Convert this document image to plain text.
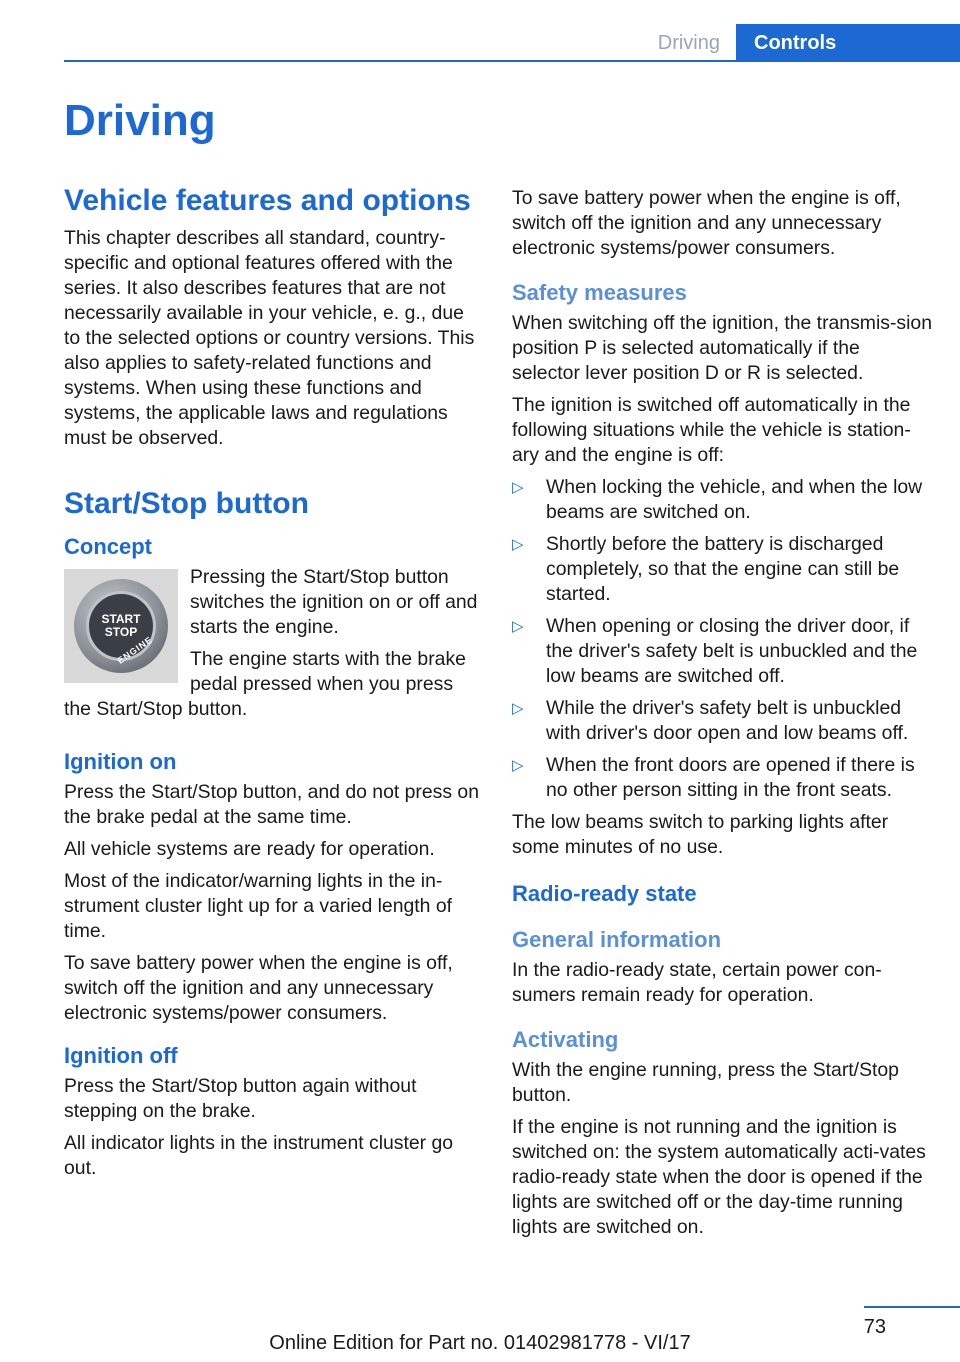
Driving	Controls
Driving
Vehicle features and options

This chapter describes all standard, country-specific and optional features offered with the series. It also describes features that are not necessarily available in your vehicle, e. g., due to the selected options or country versions. This also applies to safety-related functions and systems. When using these functions and systems, the applicable laws and regulations must be observed.

Start/Stop button
Concept
START
STOP
ENGINE

Pressing the Start/Stop button switches the ignition on or off and starts the engine.

The engine starts with the brake pedal pressed when you press the Start/Stop button.

Ignition on

Press the Start/Stop button, and do not press on the brake pedal at the same time.

All vehicle systems are ready for operation.

Most of the indicator/warning lights in the in-strument cluster light up for a varied length of time.

To save battery power when the engine is off, switch off the ignition and any unnecessary electronic systems/power consumers.

Ignition off

Press the Start/Stop button again without stepping on the brake.

All indicator lights in the instrument cluster go out.

To save battery power when the engine is off, switch off the ignition and any unnecessary electronic systems/power consumers.

Safety measures

When switching off the ignition, the transmis-sion position P is selected automatically if the selector lever position D or R is selected.

The ignition is switched off automatically in the following situations while the vehicle is station-ary and the engine is off:

▷ When locking the vehicle, and when the low beams are switched on.
▷ Shortly before the battery is discharged completely, so that the engine can still be started.
▷ When opening or closing the driver door, if the driver's safety belt is unbuckled and the low beams are switched off.
▷ While the driver's safety belt is unbuckled with driver's door open and low beams off.
▷ When the front doors are opened if there is no other person sitting in the front seats.

The low beams switch to parking lights after some minutes of no use.

Radio-ready state
General information

In the radio-ready state, certain power con-sumers remain ready for operation.

Activating

With the engine running, press the Start/Stop button.

If the engine is not running and the ignition is switched on: the system automatically acti-vates radio-ready state when the door is opened if the lights are switched off or the day-time running lights are switched on.

73
Online Edition for Part no. 01402981778 - VI/17
